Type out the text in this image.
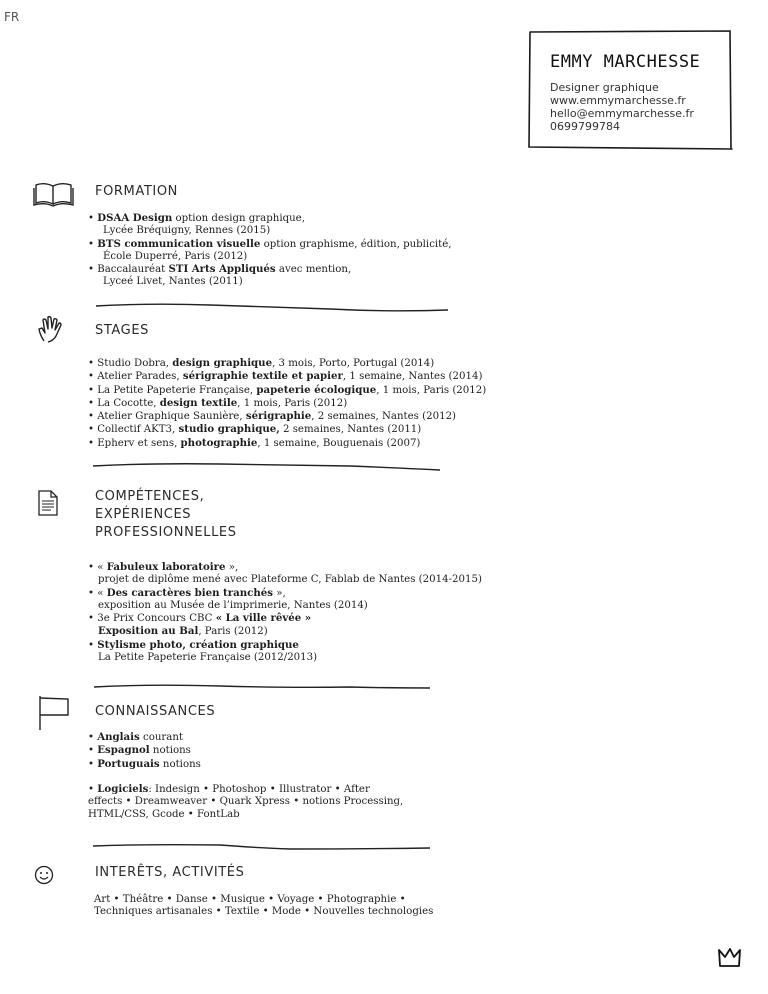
FR
EMMY MARCHESSE
Designer graphique
www.emmymarchesse.fr
hello@emmymarchesse.fr
0699799784
FORMATION
• DSAA Design option design graphique,
Lycée Bréquigny, Rennes (2015)
• BTS communication visuelle option graphisme, édition, publicité,
École Duperré, Paris (2012)
• Baccalauréat STI Arts Appliqués avec mention,
Lyceé Livet, Nantes (2011)
STAGES
• Studio Dobra, design graphique, 3 mois, Porto, Portugal (2014)
• Atelier Parades, sérigraphie textile et papier, 1 semaine, Nantes (2014)
• La Petite Papeterie Française, papeterie écologique, 1 mois, Paris (2012)
• La Cocotte, design textile, 1 mois, Paris (2012)
• Atelier Graphique Saunière, sérigraphie, 2 semaines, Nantes (2012)
• Collectif AKT3, studio graphique, 2 semaines, Nantes (2011)
• Epherv et sens, photographie, 1 semaine, Bouguenais (2007)
COMPÉTENCES,
EXPÉRIENCES
PROFESSIONNELLES
• « Fabuleux laboratoire »,
projet de diplôme mené avec Plateforme C, Fablab de Nantes (2014-2015)
• « Des caractères bien tranchés »,
exposition au Musée de l’imprimerie, Nantes (2014)
• 3e Prix Concours CBC « La ville rêvée »
Exposition au Bal, Paris (2012)
• Stylisme photo, création graphique
La Petite Papeterie Française (2012/2013)
CONNAISSANCES
• Anglais courant
• Espagnol notions
• Portuguais notions
• Logiciels: Indesign • Photoshop • Illustrator • After
effects • Dreamweaver • Quark Xpress • notions Processing,
HTML/CSS, Gcode • FontLab
INTERÊTS, ACTIVITÉS
Art • Théâtre • Danse • Musique • Voyage • Photographie •
Techniques artisanales • Textile • Mode • Nouvelles technologies
